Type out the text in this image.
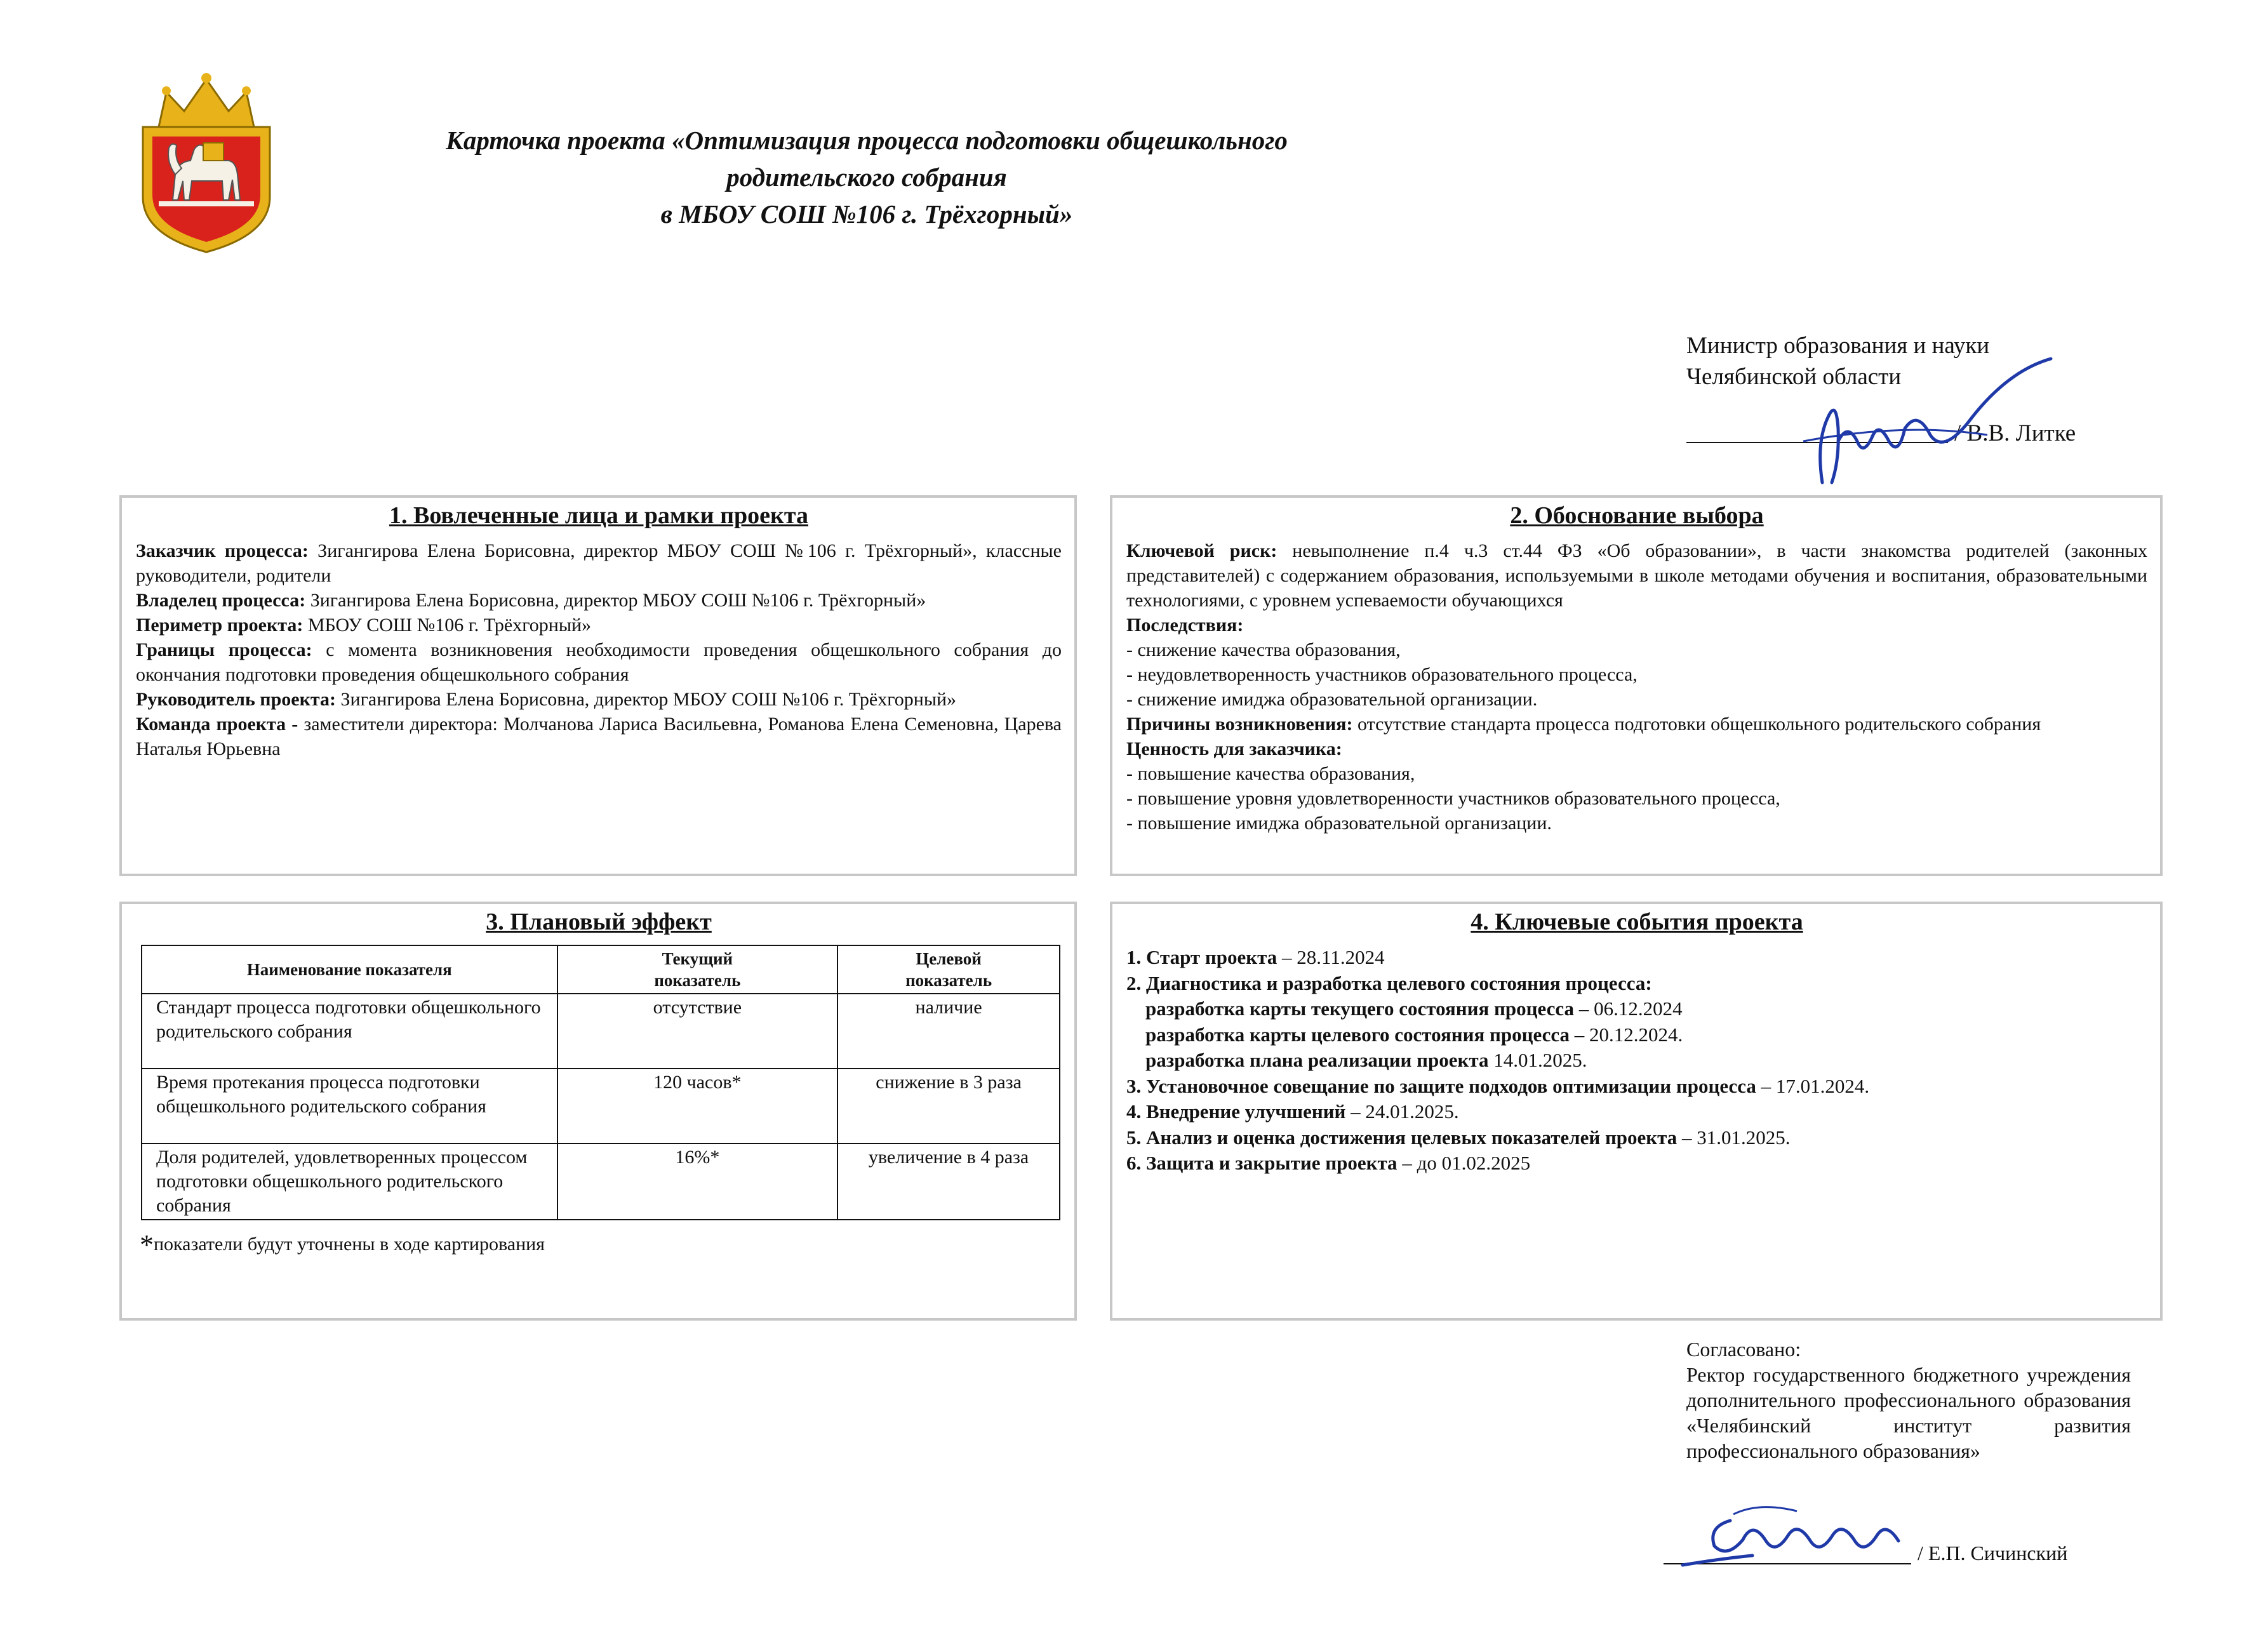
Карточка проекта «Оптимизация процесса подготовки общешкольного родительского собрания
в МБОУ СОШ №106 г. Трёхгорный»
Министр образования и науки
Челябинской области
/ В.В. Литке
1. Вовлеченные лица и рамки проекта

Заказчик процесса: Зигангирова Елена Борисовна, директор МБОУ СОШ №106 г. Трёхгорный», классные руководители, родители

Владелец процесса: Зигангирова Елена Борисовна, директор МБОУ СОШ №106 г. Трёхгорный»

Периметр проекта: МБОУ СОШ №106 г. Трёхгорный»

Границы процесса: с момента возникновения необходимости проведения общешкольного собрания до окончания подготовки проведения общешкольного собрания

Руководитель проекта: Зигангирова Елена Борисовна, директор МБОУ СОШ №106 г. Трёхгорный»

Команда проекта - заместители директора: Молчанова Лариса Васильевна, Романова Елена Семеновна, Царева Наталья Юрьевна

2. Обоснование выбора

Ключевой риск: невыполнение п.4 ч.3 ст.44 ФЗ «Об образовании», в части знакомства родителей (законных представителей) с содержанием образования, используемыми в школе методами обучения и воспитания, образовательными технологиями, с уровнем успеваемости обучающихся

Последствия:

- снижение качества образования,
- неудовлетворенность участников образовательного процесса,
- снижение имиджа образовательной организации.

Причины возникновения: отсутствие стандарта процесса подготовки общешкольного родительского собрания

Ценность для заказчика:

- повышение качества образования,
- повышение уровня удовлетворенности участников образовательного процесса,
- повышение имиджа образовательной организации.
3. Плановый эффект
Наименование показателя	Текущий показатель	Целевой показатель
Стандарт процесса подготовки общешкольного родительского собрания	отсутствие	наличие
Время протекания процесса подготовки общешкольного родительского собрания	120 часов*	снижение в 3 раза
Доля родителей, удовлетворенных процессом подготовки общешкольного родительского собрания	16%*	увеличение в 4 раза
*показатели будут уточнены в ходе картирования
4. Ключевые события проекта

1. Старт проекта – 28.11.2024

2. Диагностика и разработка целевого состояния процесса:

разработка карты текущего состояния процесса – 06.12.2024

разработка карты целевого состояния процесса – 20.12.2024.

разработка плана реализации проекта 14.01.2025.

3. Установочное совещание по защите подходов оптимизации процесса – 17.01.2024.

4. Внедрение улучшений – 24.01.2025.

5. Анализ и оценка достижения целевых показателей проекта – 31.01.2025.

6. Защита и закрытие проекта – до 01.02.2025

Согласовано:
Ректор государственного бюджетного учреждения дополнительного профессионального образования «Челябинский институт развития профессионального образования»
/ Е.П. Сичинский
